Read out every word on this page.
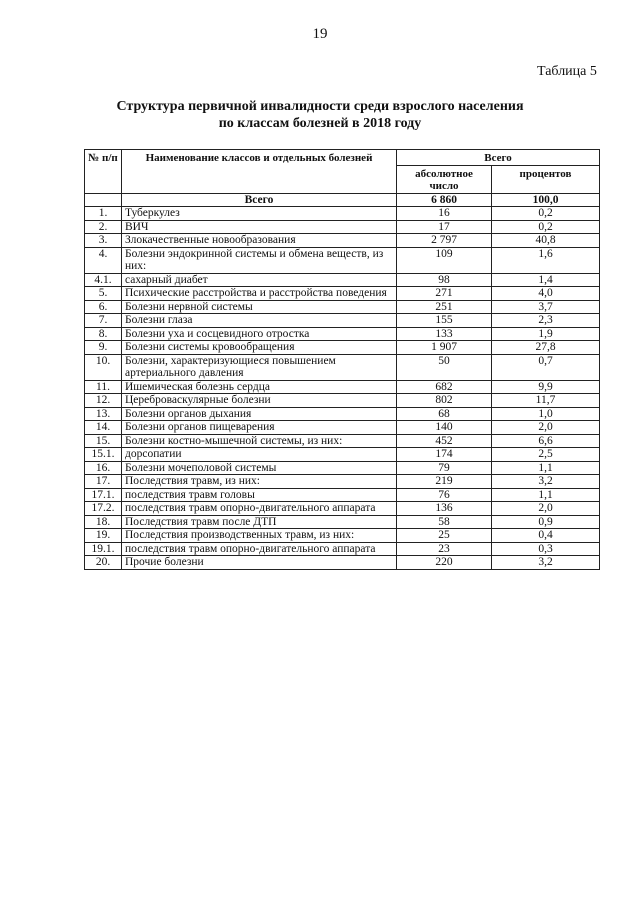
19
Таблица 5
Структура первичной инвалидности среди взрослого населения
по классам болезней в 2018 году
№ п/п	Наименование классов и отдельных болезней	Всего	
		абсолютное число	процентов
	Всего	6 860	100,0
1.	Туберкулез	16	0,2
2.	ВИЧ	17	0,2
3.	Злокачественные новообразования	2 797	40,8
4.	Болезни эндокринной системы и обмена веществ, из них:	109	1,6
4.1.	сахарный диабет	98	1,4
5.	Психические расстройства и расстройства поведения	271	4,0
6.	Болезни нервной системы	251	3,7
7.	Болезни глаза	155	2,3
8.	Болезни уха и сосцевидного отростка	133	1,9
9.	Болезни системы кровообращения	1 907	27,8
10.	Болезни, характеризующиеся повышением артериального давления	50	0,7
11.	Ишемическая болезнь сердца	682	9,9
12.	Цереброваскулярные болезни	802	11,7
13.	Болезни органов дыхания	68	1,0
14.	Болезни органов пищеварения	140	2,0
15.	Болезни костно-мышечной системы, из них:	452	6,6
15.1.	дорсопатии	174	2,5
16.	Болезни мочеполовой системы	79	1,1
17.	Последствия травм, из них:	219	3,2
17.1.	последствия травм головы	76	1,1
17.2.	последствия травм опорно-двигательного аппарата	136	2,0
18.	Последствия травм после ДТП	58	0,9
19.	Последствия производственных травм, из них:	25	0,4
19.1.	последствия травм опорно-двигательного аппарата	23	0,3
20.	Прочие болезни	220	3,2
